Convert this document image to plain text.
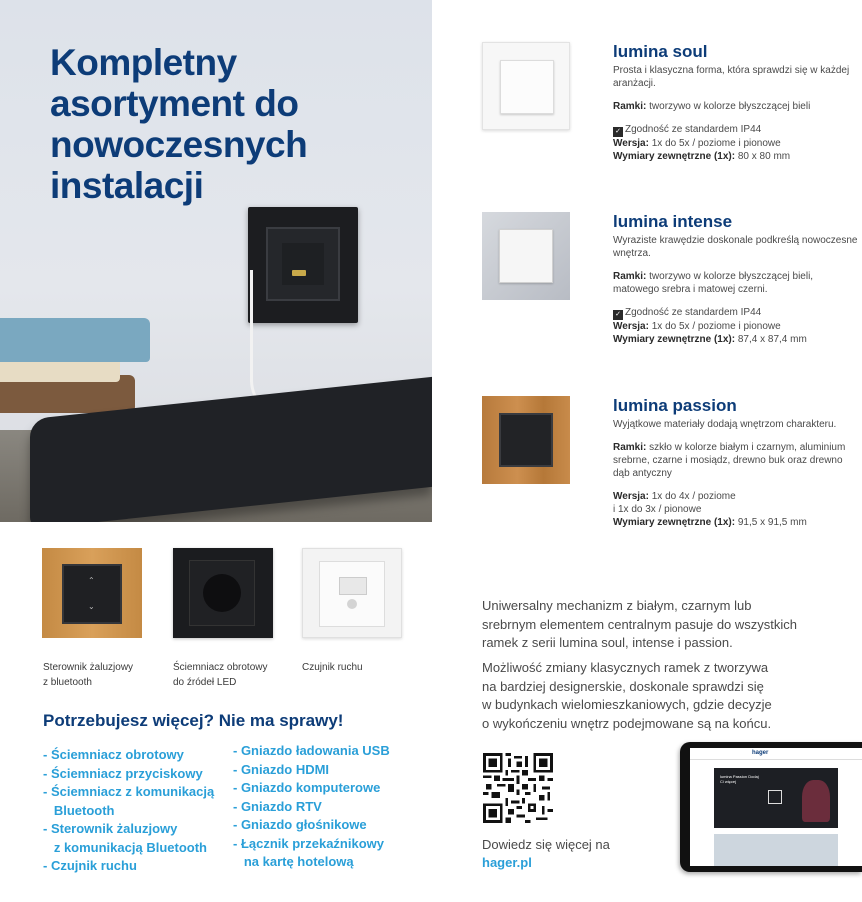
Kompletny
asortyment do
nowoczesnych
instalacji
lumina soul

Prosta i klasyczna forma, która sprawdzi się w każdej aranżacji.

Ramki: tworzywo w kolorze błyszczącej bieli

✓ Zgodność ze standardem IP44
Wersja: 1x do 5x / poziome i pionowe
Wymiary zewnętrzne (1x): 80 x 80 mm
lumina intense

Wyraziste krawędzie doskonale podkreślą nowoczesne wnętrza.

Ramki: tworzywo w kolorze błyszczącej bieli, matowego srebra i matowej czerni.

✓ Zgodność ze standardem IP44
Wersja: 1x do 5x / poziome i pionowe
Wymiary zewnętrzne (1x): 87,4 x 87,4 mm
lumina passion

Wyjątkowe materiały dodają wnętrzom charakteru.

Ramki: szkło w kolorze białym i czarnym, aluminium srebrne, czarne i mosiądz, drewno buk oraz drewno dąb antyczny

Wersja: 1x do 4x / poziome
i 1x do 3x / pionowe
Wymiary zewnętrzne (1x): 91,5 x 91,5 mm
⌃
⌄
Sterownik żaluzjowy
z bluetooth
Ściemniacz obrotowy
do źródeł LED
Czujnik ruchu
Potrzebujesz więcej? Nie ma sprawy!
- Ściemniacz obrotowy
- Ściemniacz przyciskowy
- Ściemniacz z komunikacją
Bluetooth
- Sterownik żaluzjowy
z komunikacją Bluetooth
- Czujnik ruchu
- Gniazdo ładowania USB
- Gniazdo HDMI
- Gniazdo komputerowe
- Gniazdo RTV
- Gniazdo głośnikowe
- Łącznik przekaźnikowy
na kartę hotelową
Uniwersalny mechanizm z białym, czarnym lub
srebrnym elementem centralnym pasuje do wszystkich
ramek z serii lumina soul, intense i passion.
Możliwość zmiany klasycznych ramek z tworzywa
na bardziej designerskie, doskonale sprawdzi się
w budynkach wielomieszkaniowych, gdzie decyzje
o wykończeniu wnętrz podejmowane są na końcu.
Dowiedz się więcej na
hager.pl
hager
lumina Passion Dodaj Ci więcej
